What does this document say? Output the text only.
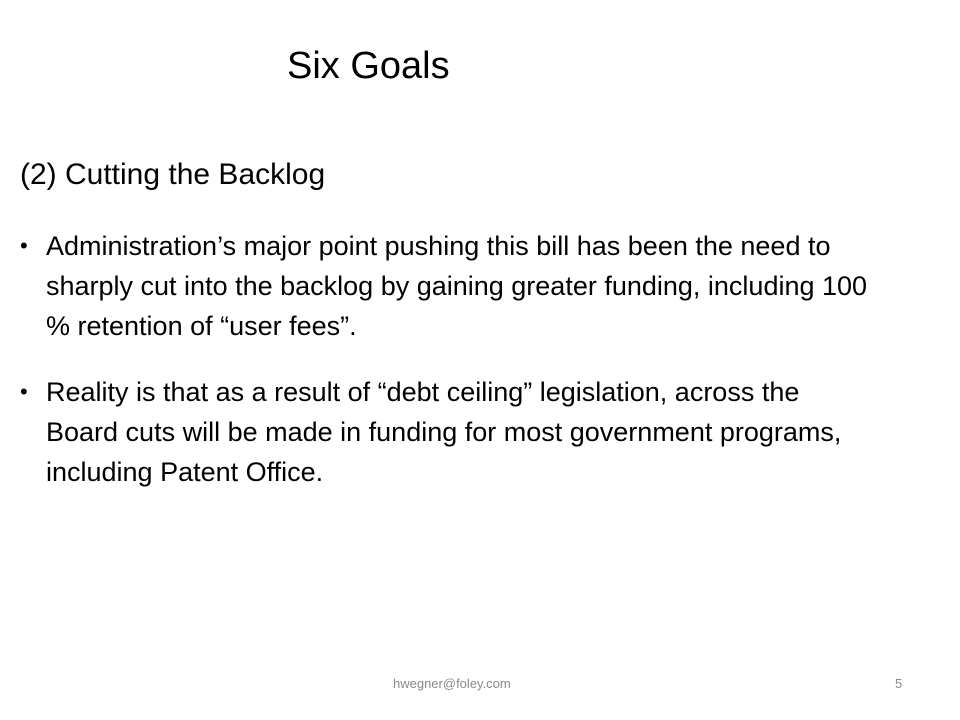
Six Goals
(2) Cutting the Backlog
• Administration’s major point pushing this bill has been the need to sharply cut into the backlog by gaining greater funding, including 100 % retention of “user fees”.
• Reality is that as a result of “debt ceiling” legislation, across the Board cuts will be made in funding for most government programs, including Patent Office.
hwegner@foley.com	5
